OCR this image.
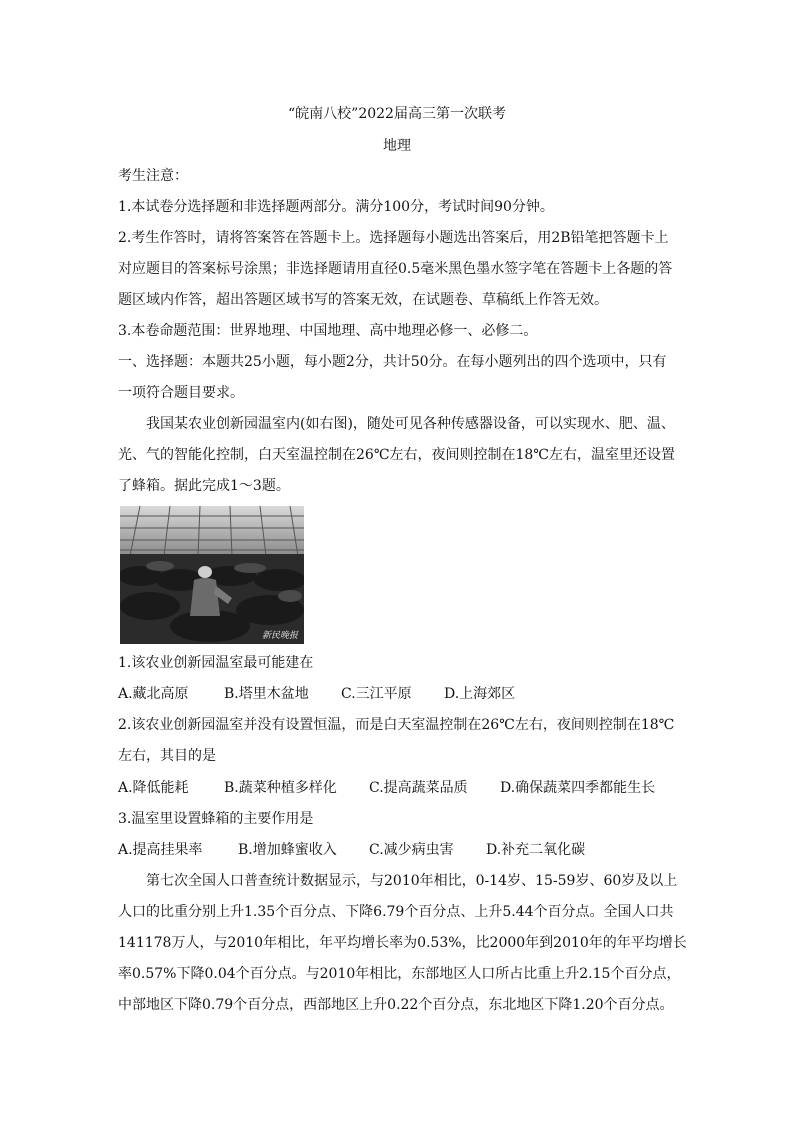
“皖南八校”2022届高三第一次联考
地理
考生注意：
1.本试卷分选择题和非选择题两部分。满分100分，考试时间90分钟。
2.考生作答时，请将答案答在答题卡上。选择题每小题选出答案后，用2B铅笔把答题卡上
对应题目的答案标号涂黑；非选择题请用直径0.5毫米黑色墨水签字笔在答题卡上各题的答
题区域内作答，超出答题区域书写的答案无效，在试题卷、草稿纸上作答无效。
3.本卷命题范围：世界地理、中国地理、高中地理必修一、必修二。
一、选择题：本题共25小题，每小题2分，共计50分。在每小题列出的四个选项中，只有
一项符合题目要求。
我国某农业创新园温室内(如右图)，随处可见各种传感器设备，可以实现水、肥、温、
光、气的智能化控制，白天室温控制在26℃左右，夜间则控制在18℃左右，温室里还设置
了蜂箱。据此完成1～3题。
新民晚报
1.该农业创新园温室最可能建在
A.藏北高原	B.塔里木盆地 C.三江平原 D.上海郊区
2.该农业创新园温室并没有设置恒温，而是白天室温控制在26℃左右，夜间则控制在18℃
左右，其目的是
A.降低能耗	B.蔬菜种植多样化 C.提高蔬菜品质 D.确保蔬菜四季都能生长
3.温室里设置蜂箱的主要作用是
A.提高挂果率	B.增加蜂蜜收入 C.减少病虫害 D.补充二氧化碳
第七次全国人口普查统计数据显示，与2010年相比，0-14岁、15-59岁、60岁及以上
人口的比重分别上升1.35个百分点、下降6.79个百分点、上升5.44个百分点。全国人口共
141178万人，与2010年相比，年平均增长率为0.53%，比2000年到2010年的年平均增长
率0.57%下降0.04个百分点。与2010年相比，东部地区人口所占比重上升2.15个百分点，
中部地区下降0.79个百分点，西部地区上升0.22个百分点，东北地区下降1.20个百分点。
